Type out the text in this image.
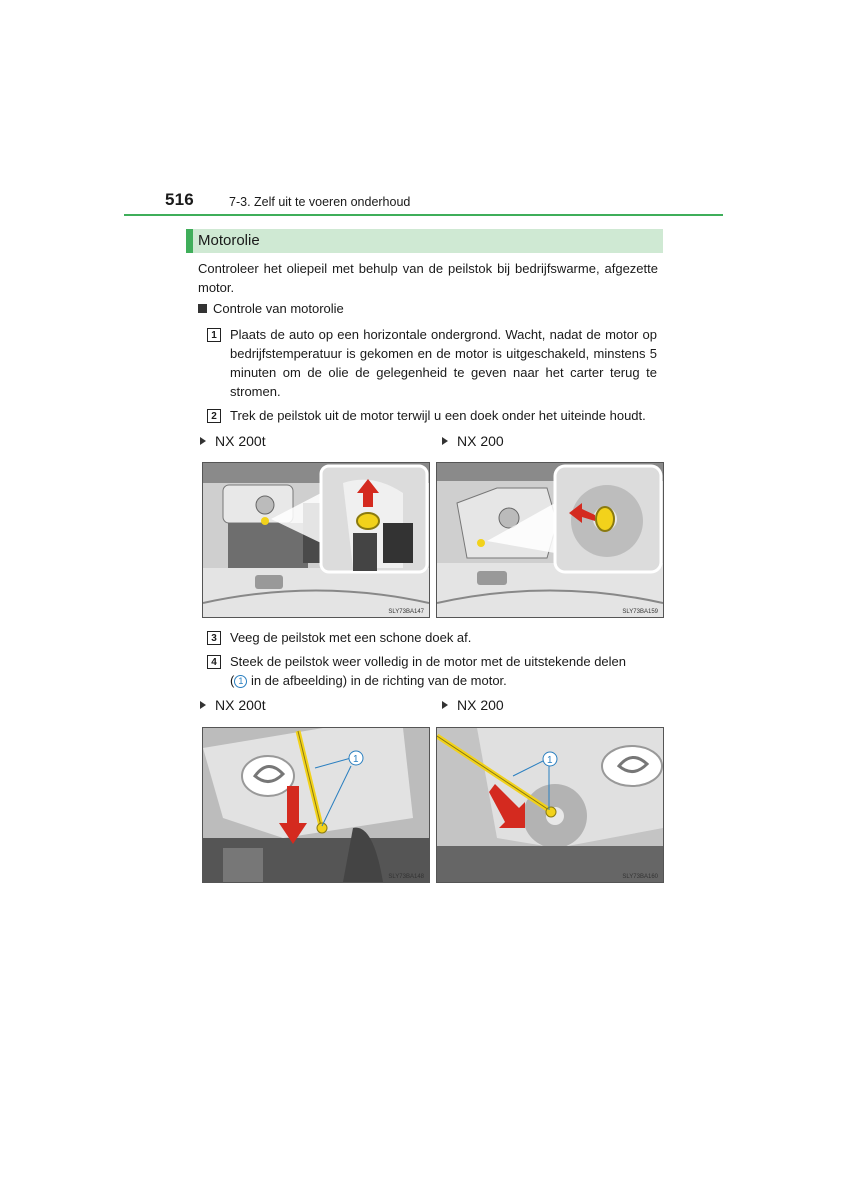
516	7-3. Zelf uit te voeren onderhoud
Motorolie
Controleer het oliepeil met behulp van de peilstok bij bedrijfswarme, afgezette motor.
Controle van motorolie
1	Plaats de auto op een horizontale ondergrond. Wacht, nadat de motor op bedrijfstemperatuur is gekomen en de motor is uitgeschakeld, minstens 5 minuten om de olie de gelegenheid te geven naar het carter terug te stromen.
2	Trek de peilstok uit de motor terwijl u een doek onder het uiteinde houdt.
NX 200t	NX 200
SLY73BA147	SLY73BA159
3	Veeg de peilstok met een schone doek af.
4	Steek de peilstok weer volledig in de motor met de uitstekende delen
( 1 in de afbeelding) in de richting van de motor.
NX 200t	NX 200
1
SLY73BA148
1
SLY73BA160
